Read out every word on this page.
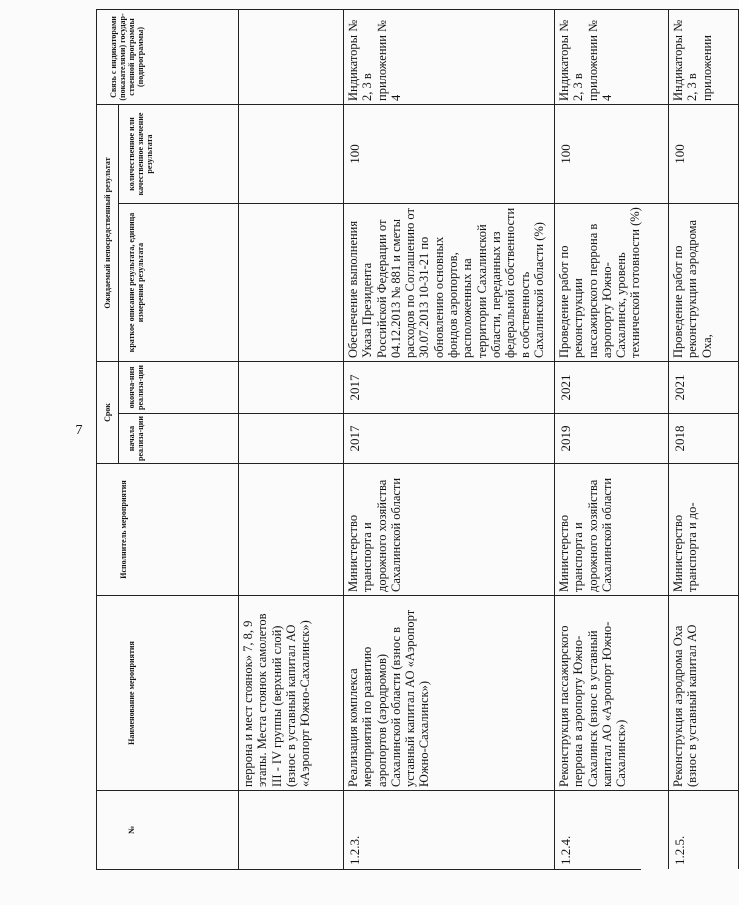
7
№
Наименование мероприятия
Исполнитель мероприятия
Срок
начала реализа-ции
оконча-ния реализа-ции
Ожидаемый непосредственный результат	краткое описание результата, единица измерения результата
количественное или качественное значение результата
Связь с индикаторами (показателями) государ-ственной программы (подпрограммы)
перрона и мест стоянок» 7, 8, 9 этапы. Места стоянок самолетов III - IV группы (верхний слой) (взнос в уставный капитал АО «Аэропорт Южно-Сахалинск»)
1.2.3.
Реализация комплекса мероприятий по развитию аэропортов (аэродромов) Сахалинской области (взнос в уставный капитал АО «Аэропорт Южно-Сахалинск»)
Министерство транспорта и дорожного хозяйства Сахалинской области
2017
2017
Обеспечение выполнения Указа Президента Российской Федерации от 04.12.2013 № 881 и сметы расходов по Соглашению от 30.07.2013 10-31-21 по обновлению основных фондов аэропортов, расположенных на территории Сахалинской области, переданных из федеральной собственности в собственность Сахалинской области (%)
100
Индикаторы № 2, 3 в приложении № 4
1.2.4.
Реконструкция пассажирского перрона в аэропорту Южно-Сахалинск (взнос в уставный капитал АО «Аэропорт Южно-Сахалинск»)
Министерство транспорта и дорожного хозяйства Сахалинской области
2019
2021
Проведение работ по реконструкции пассажирского перрона в аэропорту Южно-Сахалинск, уровень технической готовности (%)
100
Индикаторы № 2, 3 в приложении № 4
1.2.5.
Реконструкция аэродрома Оха (взнос в уставный капитал АО
Министерство транспорта и до-
2018
2021
Проведение работ по реконструкции аэродрома Оха,
100
Индикаторы № 2, 3 в приложении
